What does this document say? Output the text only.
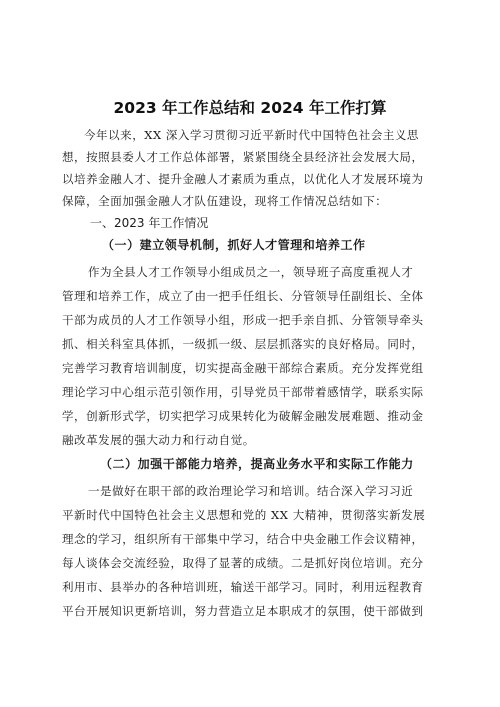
2023 年工作总结和 2024 年工作打算
今年以来，XX 深入学习贯彻习近平新时代中国特色社会主义思
想，按照县委人才工作总体部署，紧紧围绕全县经济社会发展大局，
以培养金融人才、提升金融人才素质为重点，以优化人才发展环境为
保障，全面加强金融人才队伍建设，现将工作情况总结如下：
一、2023 年工作情况
（一）建立领导机制，抓好人才管理和培养工作
作为全县人才工作领导小组成员之一，领导班子高度重视人才
管理和培养工作，成立了由一把手任组长、分管领导任副组长、全体
干部为成员的人才工作领导小组，形成一把手亲自抓、分管领导牵头
抓、相关科室具体抓，一级抓一级、层层抓落实的良好格局。同时，
完善学习教育培训制度，切实提高金融干部综合素质。充分发挥党组
理论学习中心组示范引领作用，引导党员干部带着感情学，联系实际
学，创新形式学，切实把学习成果转化为破解金融发展难题、推动金
融改革发展的强大动力和行动自觉。
（二）加强干部能力培养，提高业务水平和实际工作能力
一是做好在职干部的政治理论学习和培训。结合深入学习习近
平新时代中国特色社会主义思想和党的 XX 大精神，贯彻落实新发展
理念的学习，组织所有干部集中学习，结合中央金融工作会议精神，
每人谈体会交流经验，取得了显著的成绩。二是抓好岗位培训。充分
利用市、县举办的各种培训班，输送干部学习。同时，利用远程教育
平台开展知识更新培训，努力营造立足本职成才的氛围，使干部做到
